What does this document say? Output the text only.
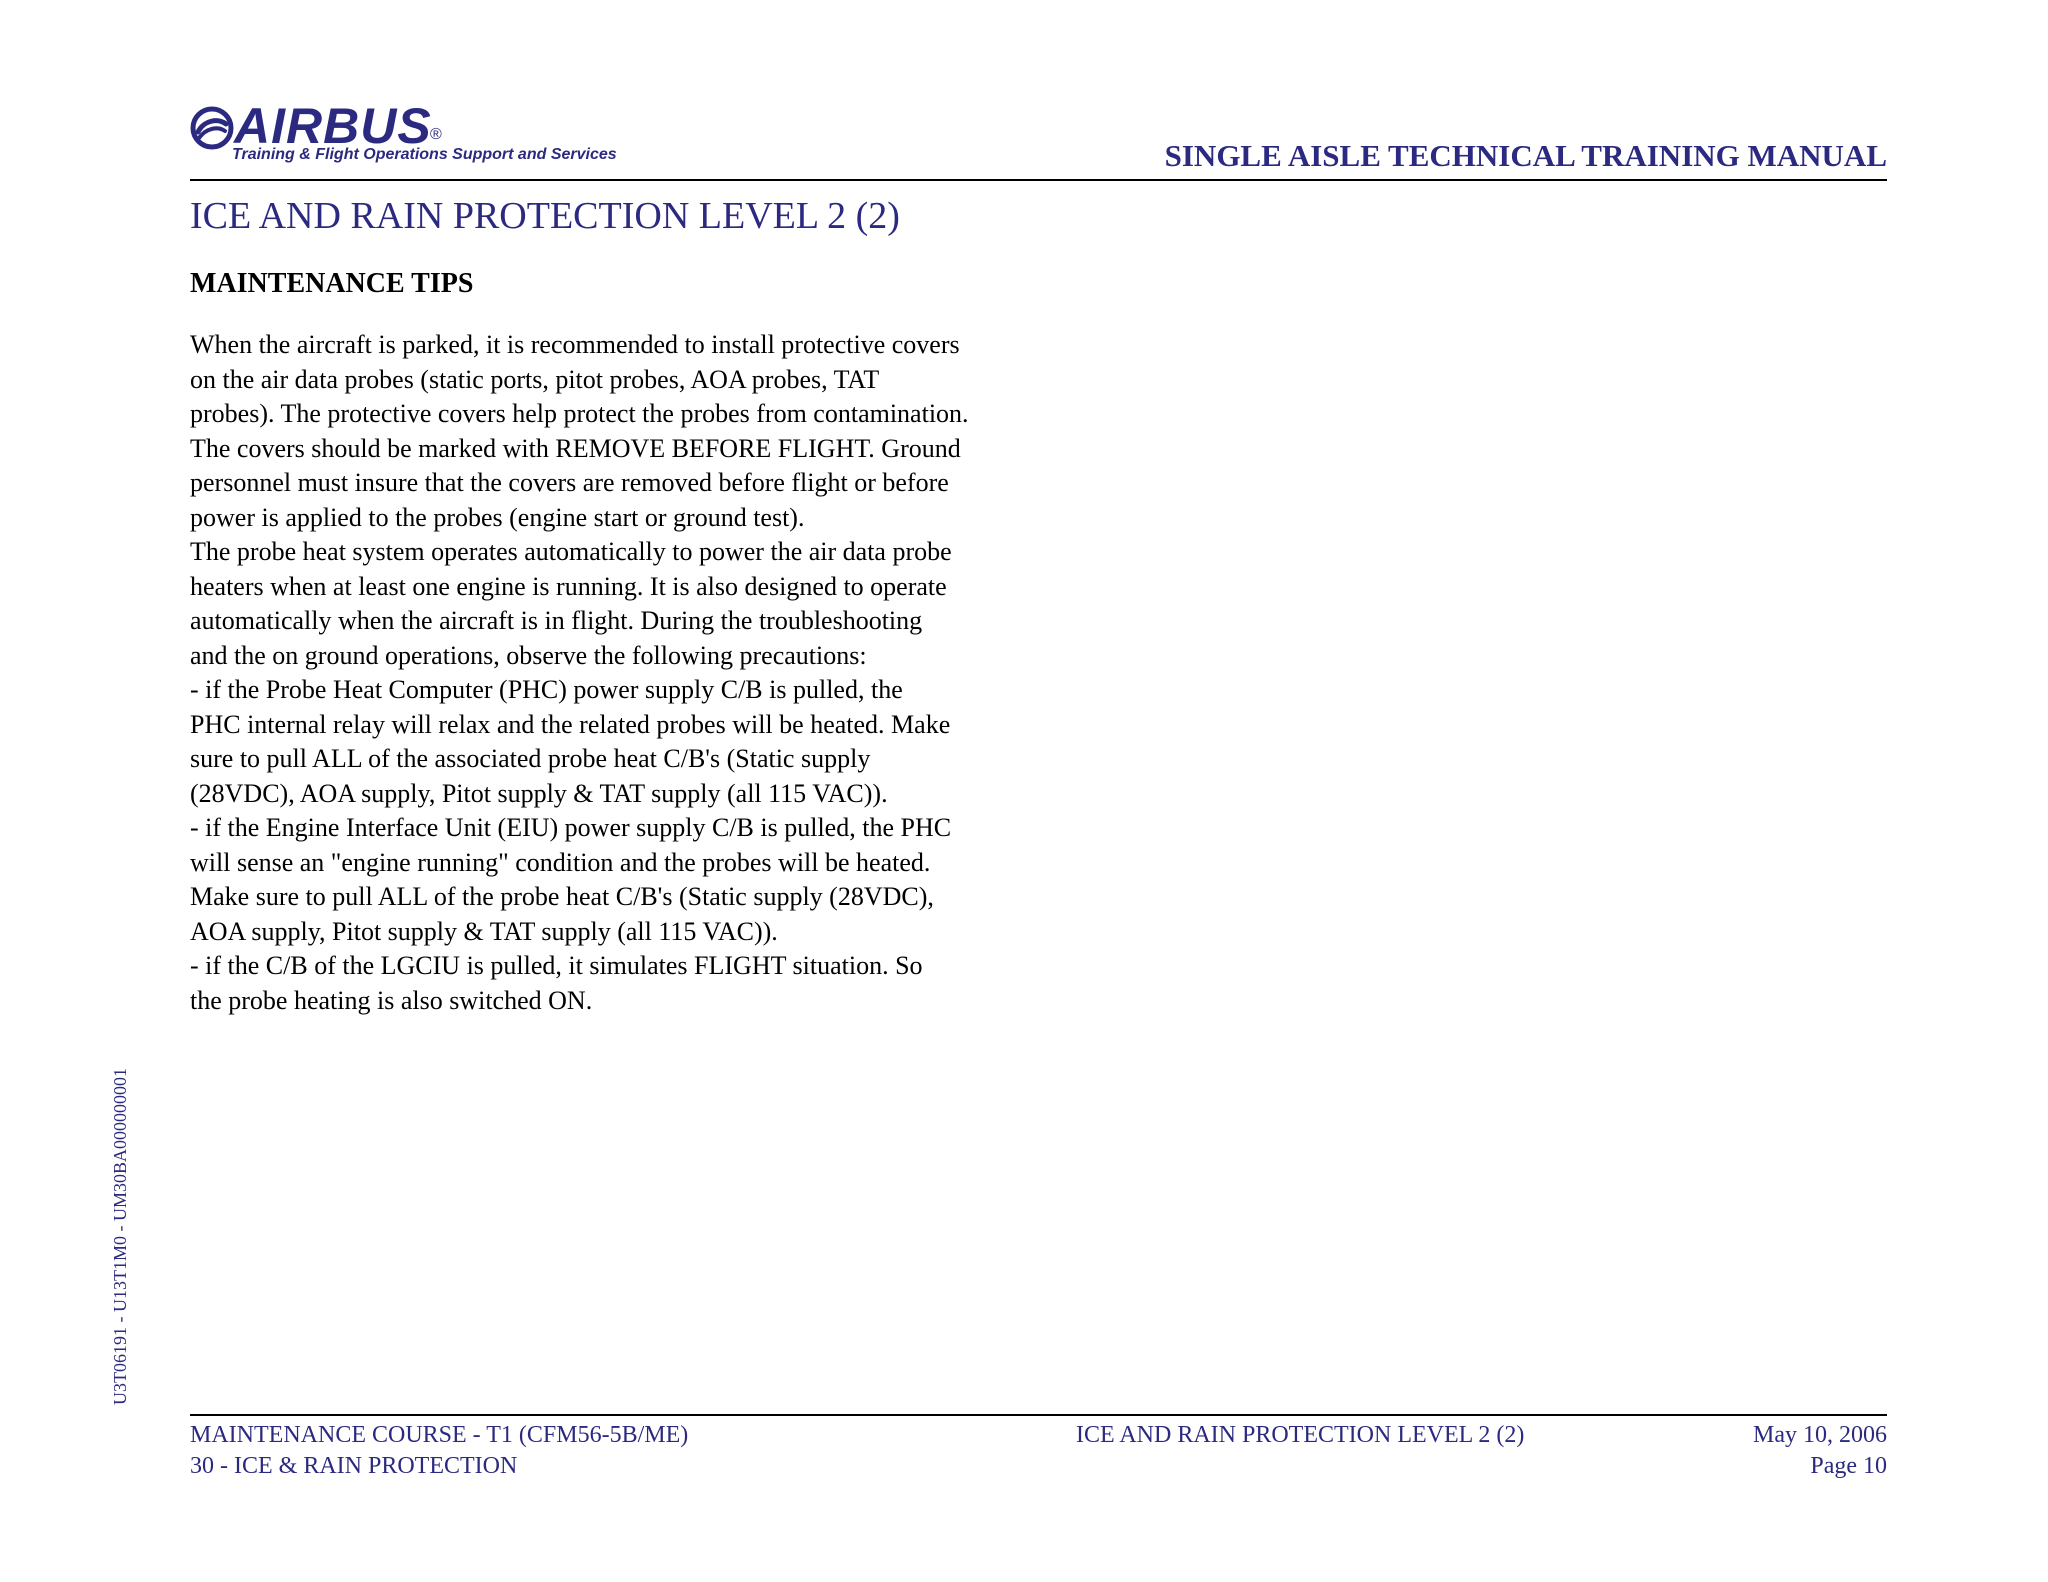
AIRBUS
®
Training & Flight Operations Support and Services	SINGLE AISLE TECHNICAL TRAINING MANUAL
ICE AND RAIN PROTECTION LEVEL 2 (2)
MAINTENANCE TIPS

When the aircraft is parked, it is recommended to install protective covers

on the air data probes (static ports, pitot probes, AOA probes, TAT

probes). The protective covers help protect the probes from contamination.

The covers should be marked with REMOVE BEFORE FLIGHT. Ground

personnel must insure that the covers are removed before flight or before

power is applied to the probes (engine start or ground test).

The probe heat system operates automatically to power the air data probe

heaters when at least one engine is running. It is also designed to operate

automatically when the aircraft is in flight. During the troubleshooting

and the on ground operations, observe the following precautions:

- if the Probe Heat Computer (PHC) power supply C/B is pulled, the

PHC internal relay will relax and the related probes will be heated. Make

sure to pull ALL of the associated probe heat C/B's (Static supply

(28VDC), AOA supply, Pitot supply & TAT supply (all 115 VAC)).

- if the Engine Interface Unit (EIU) power supply C/B is pulled, the PHC

will sense an "engine running" condition and the probes will be heated.

Make sure to pull ALL of the probe heat C/B's (Static supply (28VDC),

AOA supply, Pitot supply & TAT supply (all 115 VAC)).

- if the C/B of the LGCIU is pulled, it simulates FLIGHT situation. So

the probe heating is also switched ON.

U3T06191 - U13T1M0 - UM30BA000000001
MAINTENANCE COURSE - T1 (CFM56-5B/ME)
30 - ICE & RAIN PROTECTION
ICE AND RAIN PROTECTION LEVEL 2 (2)	May 10, 2006
Page 10
